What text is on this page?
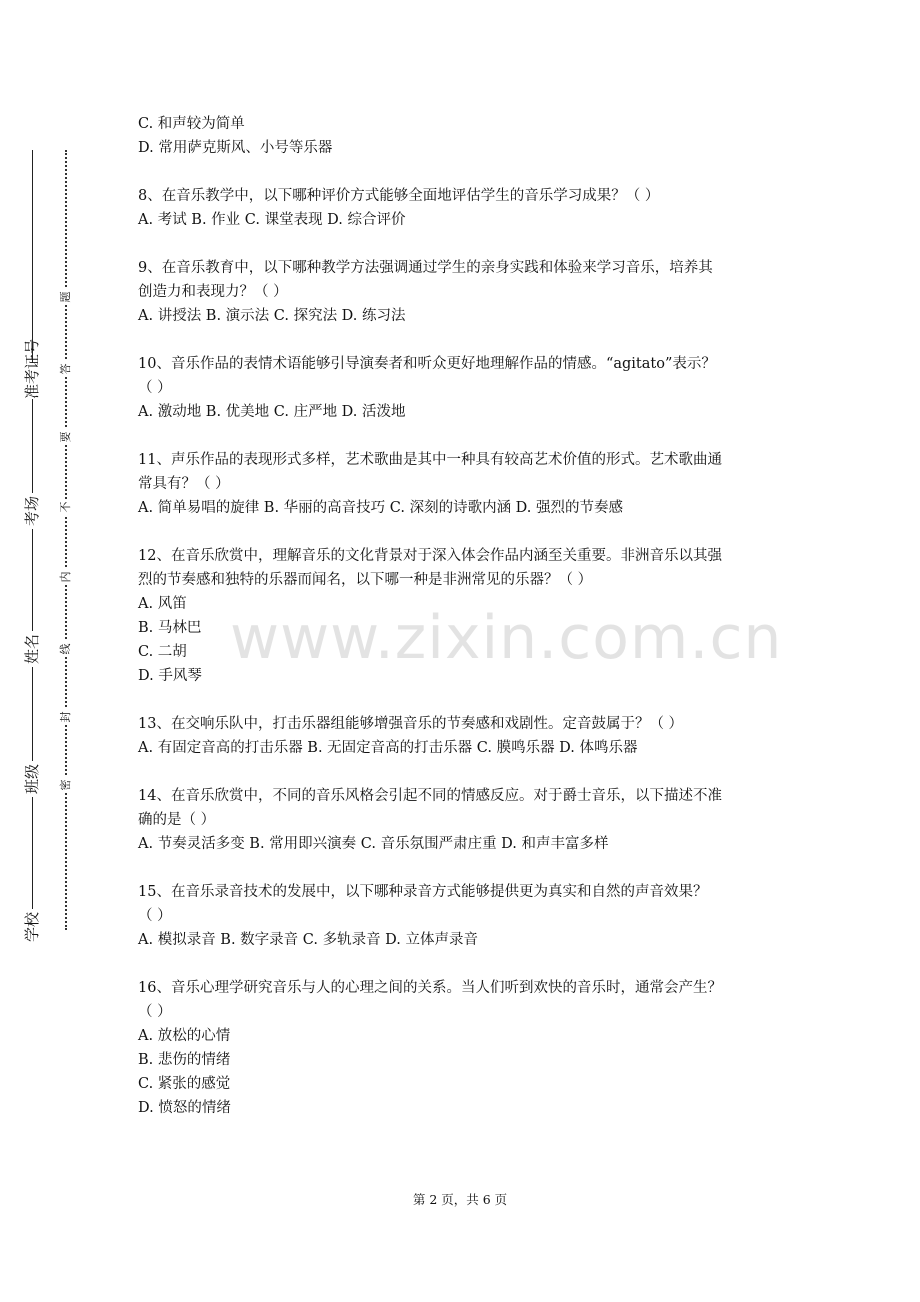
准考证号
考场
姓名
班级
学校
题
答
要
不
内
线
封
密
www.zixin.com.cn
C. 和声较为简单
D. 常用萨克斯风、小号等乐器
8、在音乐教学中，以下哪种评价方式能够全面地评估学生的音乐学习成果？（ ）
A. 考试 B. 作业 C. 课堂表现 D. 综合评价
9、在音乐教育中，以下哪种教学方法强调通过学生的亲身实践和体验来学习音乐，培养其
创造力和表现力？（ ）
A. 讲授法 B. 演示法 C. 探究法 D. 练习法
10、音乐作品的表情术语能够引导演奏者和听众更好地理解作品的情感。“agitato”表示？
（ ）
A. 激动地 B. 优美地 C. 庄严地 D. 活泼地
11、声乐作品的表现形式多样，艺术歌曲是其中一种具有较高艺术价值的形式。艺术歌曲通
常具有？（ ）
A. 简单易唱的旋律 B. 华丽的高音技巧 C. 深刻的诗歌内涵 D. 强烈的节奏感
12、在音乐欣赏中，理解音乐的文化背景对于深入体会作品内涵至关重要。非洲音乐以其强
烈的节奏感和独特的乐器而闻名，以下哪一种是非洲常见的乐器？（ ）
A. 风笛
B. 马林巴
C. 二胡
D. 手风琴
13、在交响乐队中，打击乐器组能够增强音乐的节奏感和戏剧性。定音鼓属于？（ ）
A. 有固定音高的打击乐器 B. 无固定音高的打击乐器 C. 膜鸣乐器 D. 体鸣乐器
14、在音乐欣赏中，不同的音乐风格会引起不同的情感反应。对于爵士音乐，以下描述不准
确的是（ ）
A. 节奏灵活多变 B. 常用即兴演奏 C. 音乐氛围严肃庄重 D. 和声丰富多样
15、在音乐录音技术的发展中，以下哪种录音方式能够提供更为真实和自然的声音效果？
（ ）
A. 模拟录音 B. 数字录音 C. 多轨录音 D. 立体声录音
16、音乐心理学研究音乐与人的心理之间的关系。当人们听到欢快的音乐时，通常会产生？
（ ）
A. 放松的心情
B. 悲伤的情绪
C. 紧张的感觉
D. 愤怒的情绪
第 2 页，共 6 页
